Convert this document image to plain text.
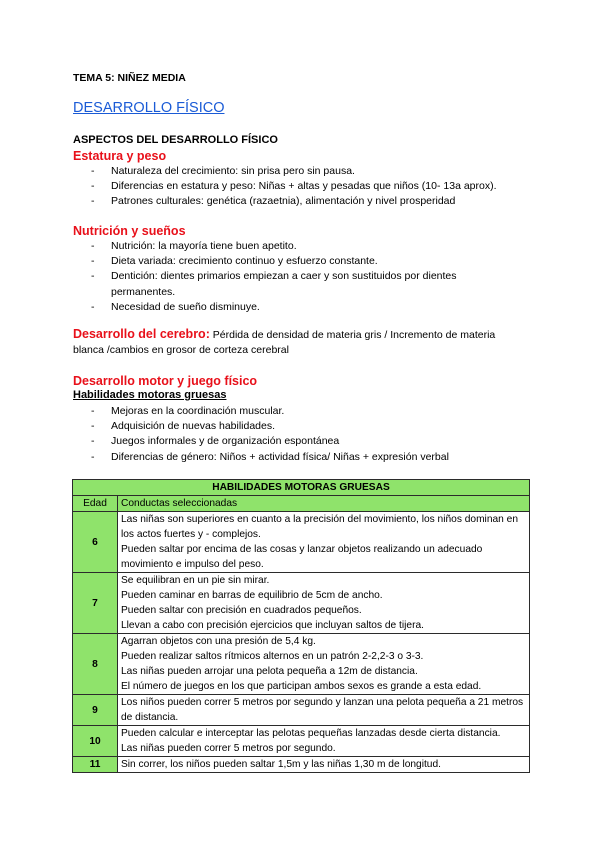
TEMA 5: NIÑEZ MEDIA
DESARROLLO FÍSICO
ASPECTOS DEL DESARROLLO FÍSICO
Estatura y peso
- Naturaleza del crecimiento: sin prisa pero sin pausa.
- Diferencias en estatura y peso: Niñas + altas y pesadas que niños (10- 13a aprox).
- Patrones culturales: genética (razaetnia), alimentación y nivel prosperidad
Nutrición y sueños
- Nutrición: la mayoría tiene buen apetito.
- Dieta variada: crecimiento continuo y esfuerzo constante.
- Dentición: dientes primarios empiezan a caer y son sustituidos por dientes permanentes.
- Necesidad de sueño disminuye.
Desarrollo del cerebro: Pérdida de densidad de materia gris / Incremento de materia blanca /cambios en grosor de corteza cerebral
Desarrollo motor y juego físico
Habilidades motoras gruesas
- Mejoras en la coordinación muscular.
- Adquisición de nuevas habilidades.
- Juegos informales y de organización espontánea
- Diferencias de género: Niños + actividad física/ Niñas + expresión verbal
HABILIDADES MOTORAS GRUESAS	
Edad	Conductas seleccionadas
6	Las niñas son superiores en cuanto a la precisión del movimiento, los niños dominan en los actos fuertes y - complejos.
Pueden saltar por encima de las cosas y lanzar objetos realizando un adecuado movimiento e impulso del peso.

7	Se equilibran en un pie sin mirar.
Pueden caminar en barras de equilibrio de 5cm de ancho.
Pueden saltar con precisión en cuadrados pequeños.
Llevan a cabo con precisión ejercicios que incluyan saltos de tijera.

8	Agarran objetos con una presión de 5,4 kg.
Pueden realizar saltos rítmicos alternos en un patrón 2-2,2-3 o 3-3.
Las niñas pueden arrojar una pelota pequeña a 12m de distancia.
El número de juegos en los que participan ambos sexos es grande a esta edad.

9	Los niños pueden correr 5 metros por segundo y lanzan una pelota pequeña a 21 metros de distancia.

10	Pueden calcular e interceptar las pelotas pequeñas lanzadas desde cierta distancia.
Las niñas pueden correr 5 metros por segundo.

11	Sin correr, los niños pueden saltar 1,5m y las niñas 1,30 m de longitud.
